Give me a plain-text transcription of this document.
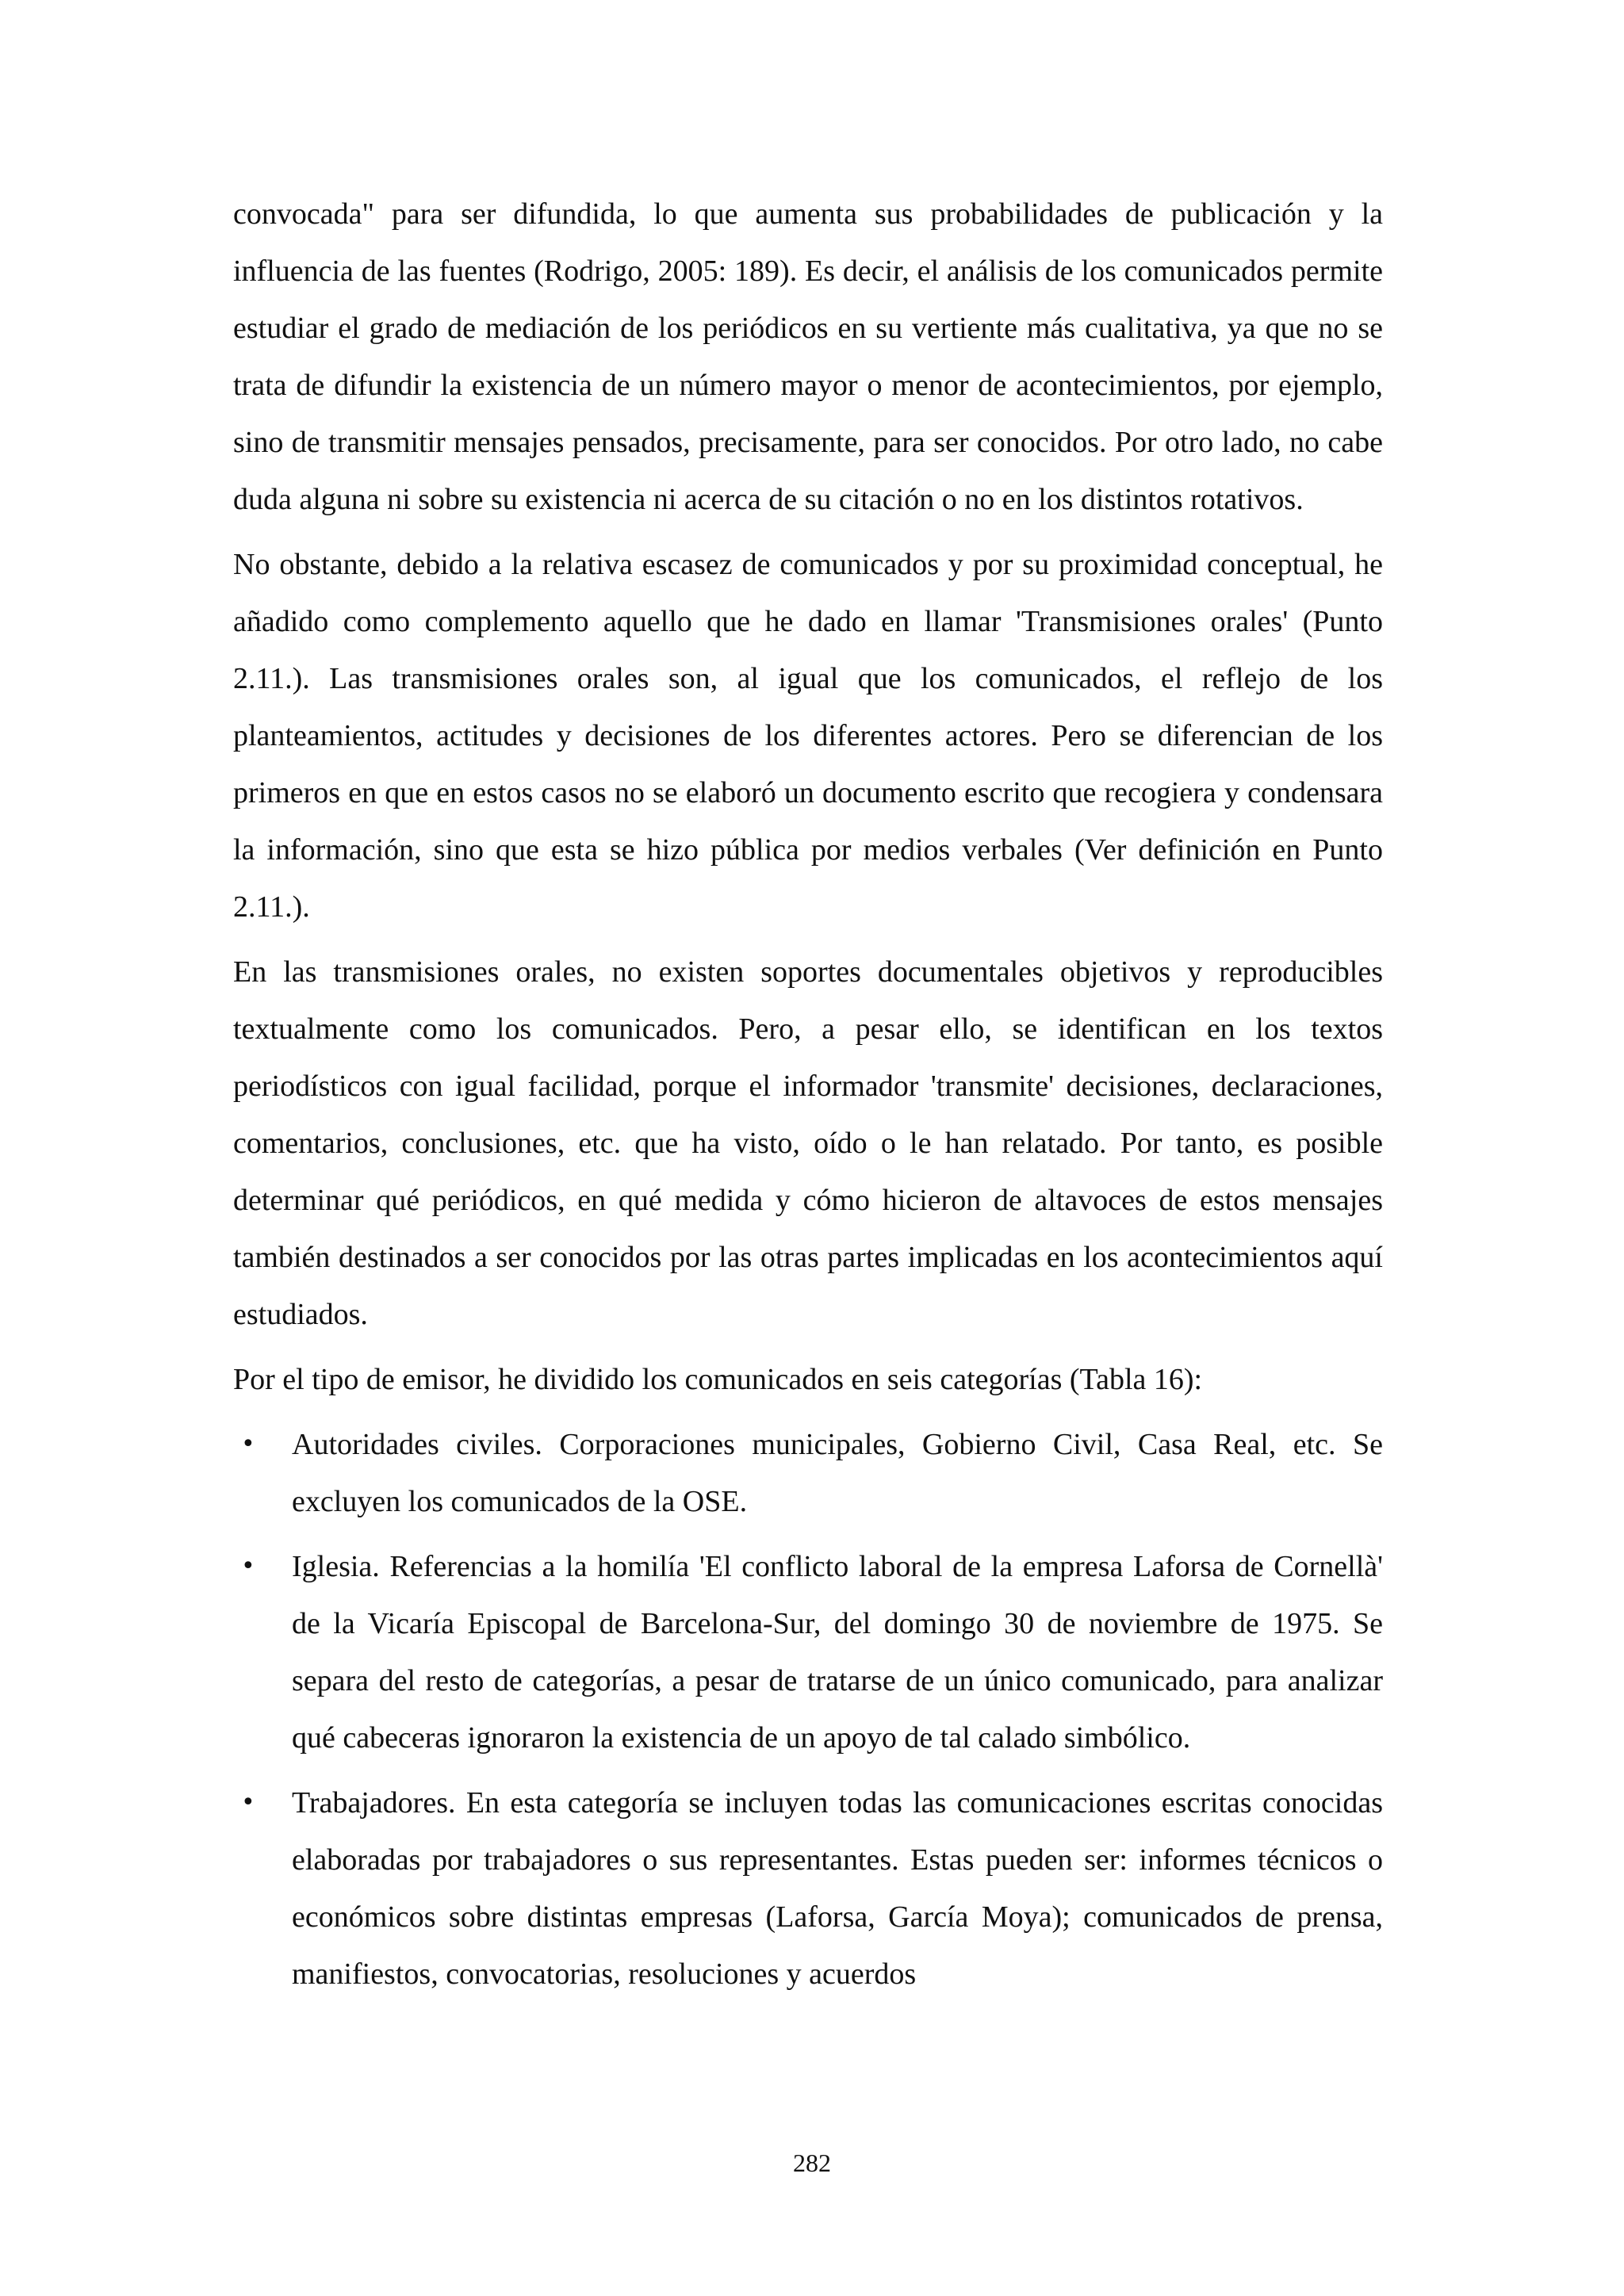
convocada" para ser difundida, lo que aumenta sus probabilidades de publicación y la influencia de las fuentes (Rodrigo, 2005: 189). Es decir, el análisis de los comunicados permite estudiar el grado de mediación de los periódicos en su vertiente más cualitativa, ya que no se trata de difundir la existencia de un número mayor o menor de acontecimientos, por ejemplo, sino de transmitir mensajes pensados, precisamente, para ser conocidos. Por otro lado, no cabe duda alguna ni sobre su existencia ni acerca de su citación o no en los distintos rotativos.

No obstante, debido a la relativa escasez de comunicados y por su proximidad conceptual, he añadido como complemento aquello que he dado en llamar 'Transmisiones orales' (Punto 2.11.). Las transmisiones orales son, al igual que los comunicados, el reflejo de los planteamientos, actitudes y decisiones de los diferentes actores. Pero se diferencian de los primeros en que en estos casos no se elaboró un documento escrito que recogiera y condensara la información, sino que esta se hizo pública por medios verbales (Ver definición en Punto 2.11.).

En las transmisiones orales, no existen soportes documentales objetivos y reproducibles textualmente como los comunicados. Pero, a pesar ello, se identifican en los textos periodísticos con igual facilidad, porque el informador 'transmite' decisiones, declaraciones, comentarios, conclusiones, etc. que ha visto, oído o le han relatado. Por tanto, es posible determinar qué periódicos, en qué medida y cómo hicieron de altavoces de estos mensajes también destinados a ser conocidos por las otras partes implicadas en los acontecimientos aquí estudiados.

Por el tipo de emisor, he dividido los comunicados en seis categorías (Tabla 16):

• Autoridades civiles. Corporaciones municipales, Gobierno Civil, Casa Real, etc. Se excluyen los comunicados de la OSE.
• Iglesia. Referencias a la homilía 'El conflicto laboral de la empresa Laforsa de Cornellà' de la Vicaría Episcopal de Barcelona-Sur, del domingo 30 de noviembre de 1975. Se separa del resto de categorías, a pesar de tratarse de un único comunicado, para analizar qué cabeceras ignoraron la existencia de un apoyo de tal calado simbólico.
• Trabajadores. En esta categoría se incluyen todas las comunicaciones escritas conocidas elaboradas por trabajadores o sus representantes. Estas pueden ser: informes técnicos o económicos sobre distintas empresas (Laforsa, García Moya); comunicados de prensa, manifiestos, convocatorias, resoluciones y acuerdos
282
